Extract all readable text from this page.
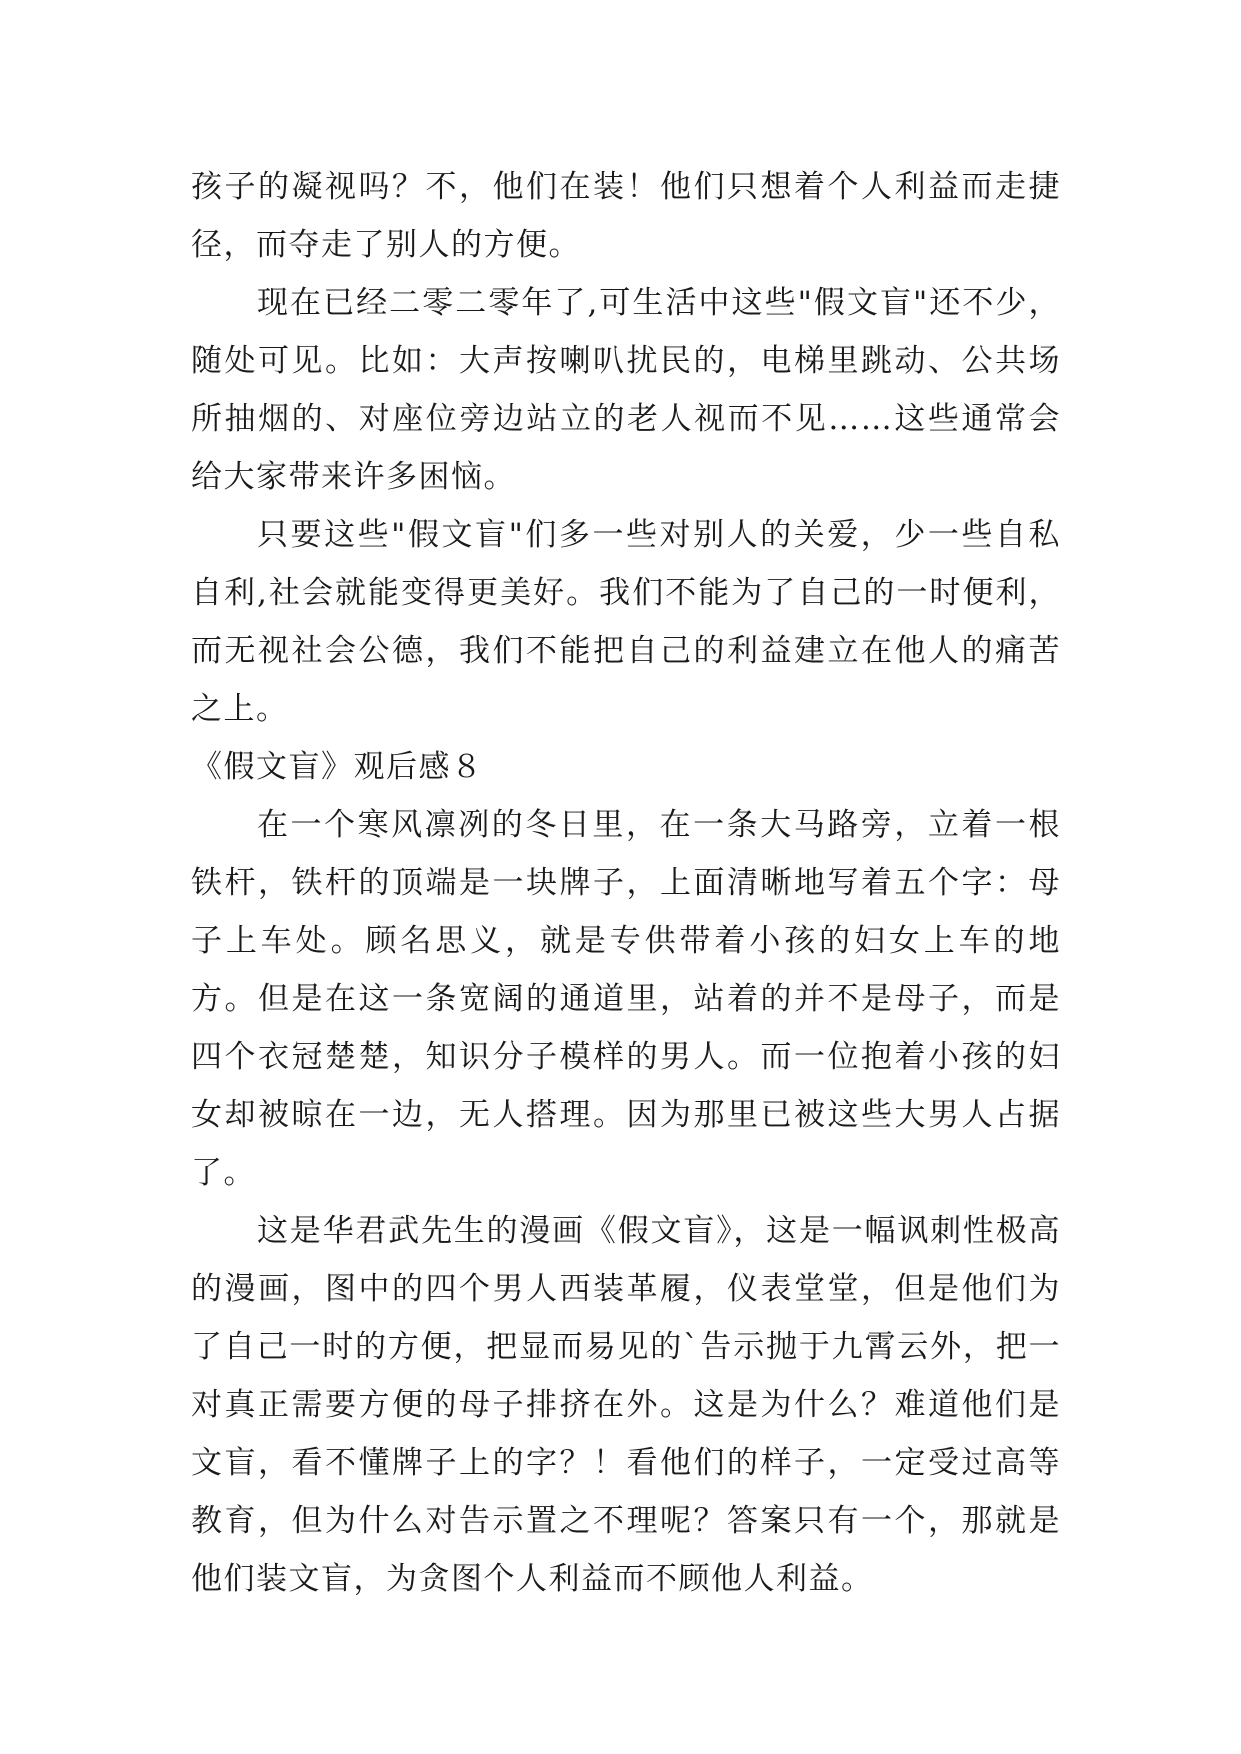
孩子的凝视吗？不，他们在装！他们只想着个人利益而走捷径，而夺走了别人的方便。

现在已经二零二零年了,可生活中这些"假文盲"还不少，随处可见。比如：大声按喇叭扰民的，电梯里跳动、公共场所抽烟的、对座位旁边站立的老人视而不见……这些通常会给大家带来许多困恼。

只要这些"假文盲"们多一些对别人的关爱，少一些自私自利,社会就能变得更美好。我们不能为了自己的一时便利，而无视社会公德，我们不能把自己的利益建立在他人的痛苦之上。

《假文盲》观后感８

在一个寒风凛冽的冬日里，在一条大马路旁，立着一根铁杆，铁杆的顶端是一块牌子，上面清晰地写着五个字：母子上车处。顾名思义，就是专供带着小孩的妇女上车的地方。但是在这一条宽阔的通道里，站着的并不是母子，而是四个衣冠楚楚，知识分子模样的男人。而一位抱着小孩的妇女却被晾在一边，无人搭理。因为那里已被这些大男人占据了。

这是华君武先生的漫画《假文盲》，这是一幅讽刺性极高的漫画，图中的四个男人西装革履，仪表堂堂，但是他们为了自己一时的方便，把显而易见的`告示抛于九霄云外，把一对真正需要方便的母子排挤在外。这是为什么？难道他们是文盲，看不懂牌子上的字？！看他们的样子，一定受过高等教育，但为什么对告示置之不理呢？答案只有一个，那就是他们装文盲，为贪图个人利益而不顾他人利益。
